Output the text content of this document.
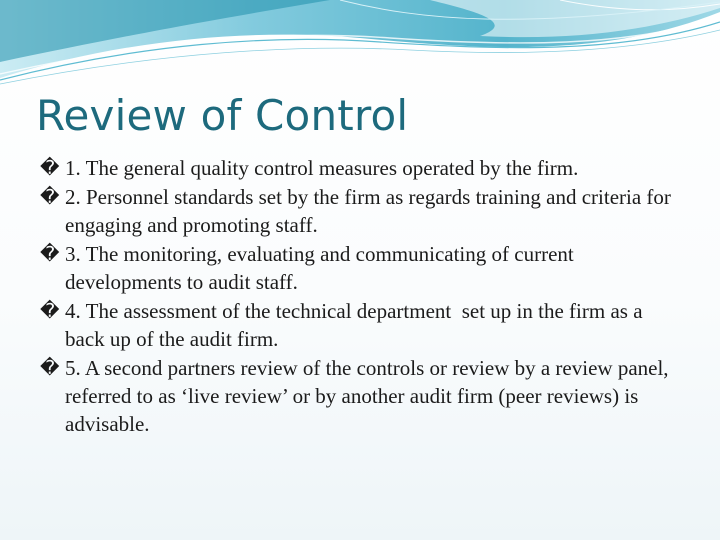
Review of Control
� 1. The general quality control measures operated by the firm.
� 2. Personnel standards set by the firm as regards training and criteria for engaging and promoting staff.
� 3. The monitoring, evaluating and communicating of current developments to audit staff.
� 4. The assessment of the technical department  set up in the firm as a back up of the audit firm.
� 5. A second partners review of the controls or review by a review panel, referred to as ‘live review’ or by another audit firm (peer reviews) is advisable.
